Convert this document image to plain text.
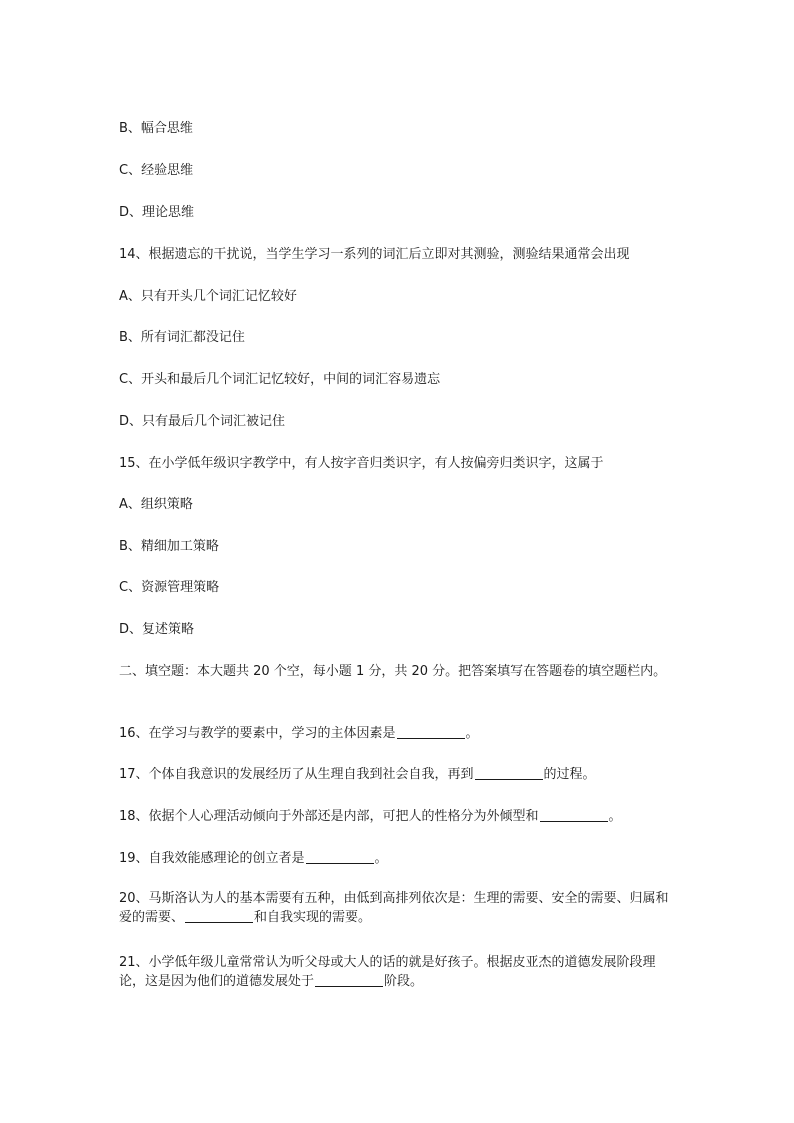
B、幅合思维
C、经验思维
D、理论思维
14、根据遗忘的干扰说，当学生学习一系列的词汇后立即对其测验，测验结果通常会出现
A、只有开头几个词汇记忆较好
B、所有词汇都没记住
C、开头和最后几个词汇记忆较好，中间的词汇容易遗忘
D、只有最后几个词汇被记住
15、在小学低年级识字教学中，有人按字音归类识字，有人按偏旁归类识字，这属于
A、组织策略
B、精细加工策略
C、资源管理策略
D、复述策略
二、填空题：本大题共 20 个空，每小题 1 分，共 20 分。把答案填写在答题卷的填空题栏内。
16、在学习与教学的要素中，学习的主体因素是	。
17、个体自我意识的发展经历了从生理自我到社会自我，再到	的过程。
18、依据个人心理活动倾向于外部还是内部，可把人的性格分为外倾型和	。
19、自我效能感理论的创立者是	。
20、马斯洛认为人的基本需要有五种，由低到高排列依次是：生理的需要、安全的需要、归属和爱的需要、	和自我实现的需要。
21、小学低年级儿童常常认为听父母或大人的话的就是好孩子。根据皮亚杰的道德发展阶段理论，这是因为他们的道德发展处于	阶段。
